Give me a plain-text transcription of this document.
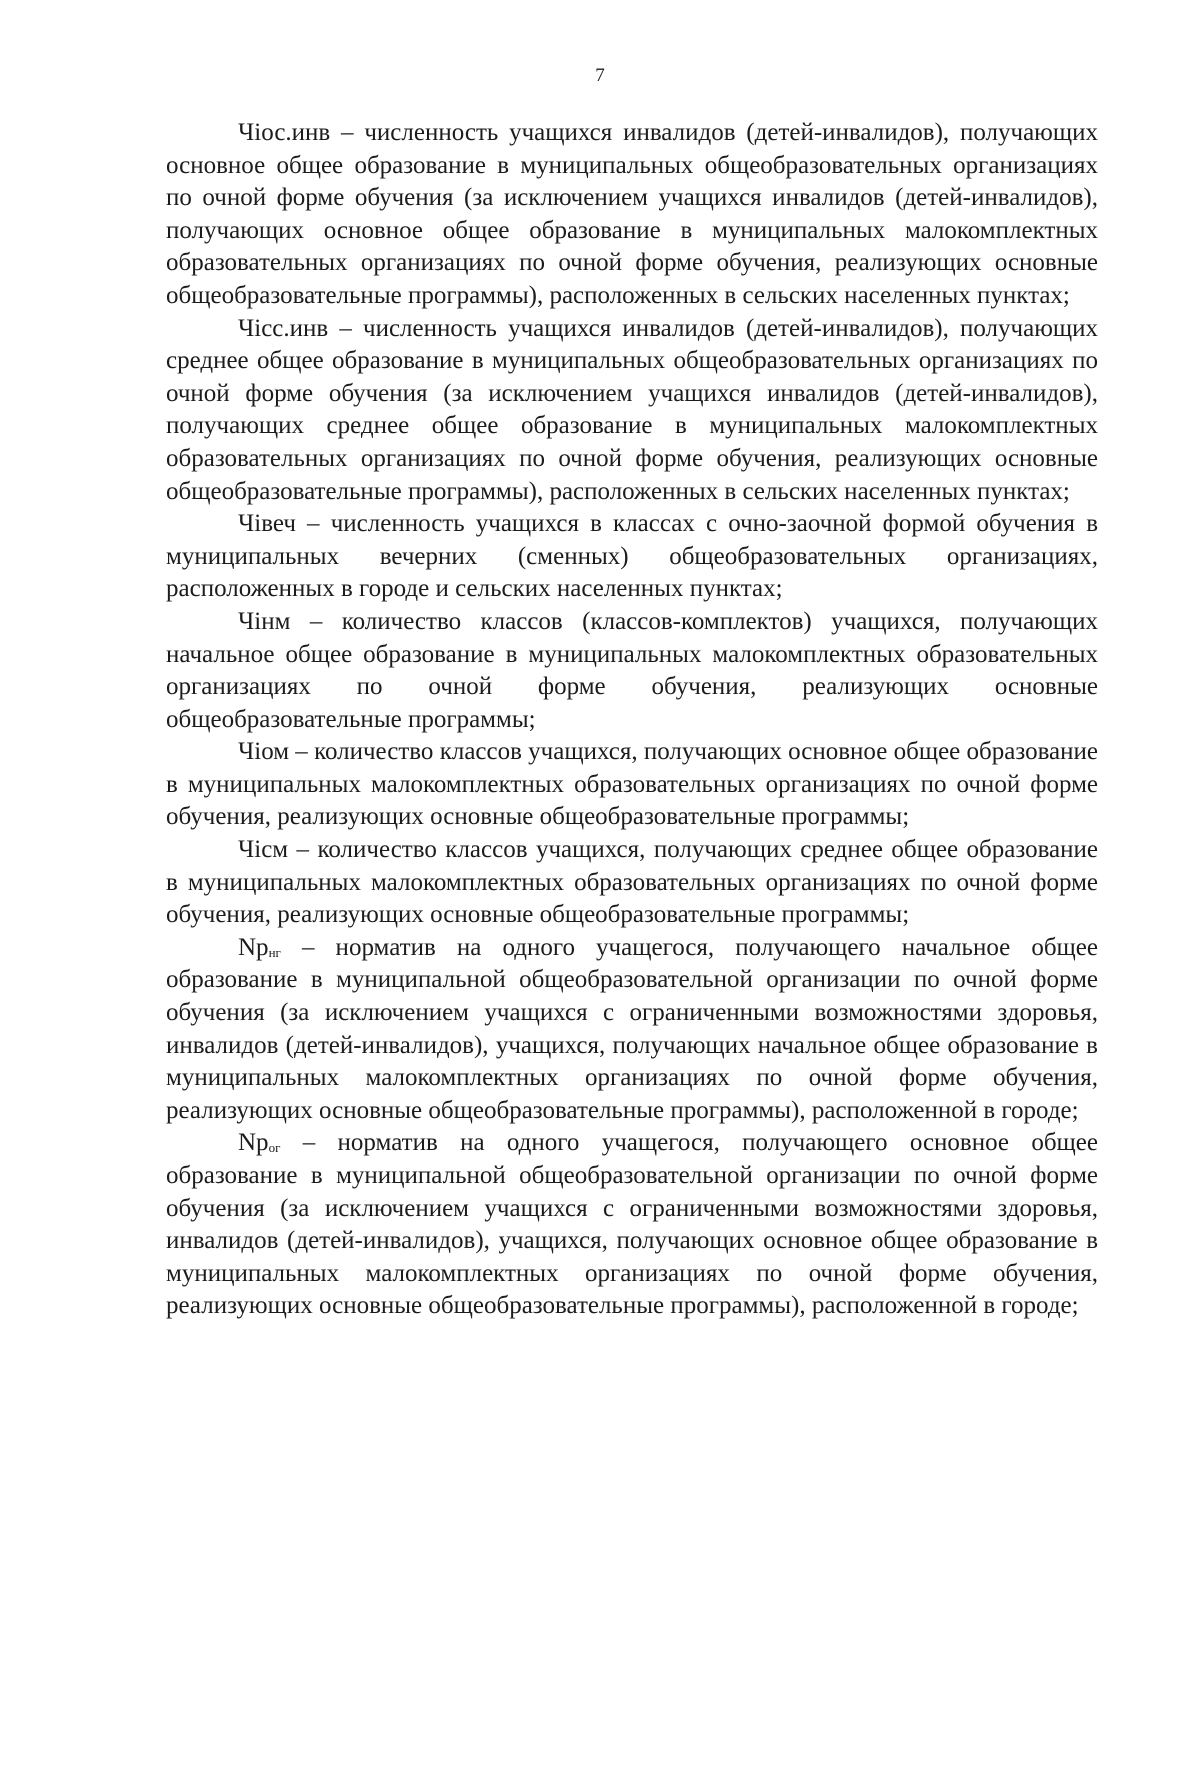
7

Чiос.инв – численность учащихся инвалидов (детей-инвалидов), получающих основное общее образование в муниципальных общеобразовательных организациях по очной форме обучения (за исключением учащихся инвалидов (детей-инвалидов), получающих основное общее образование в муниципальных малокомплектных образовательных организациях по очной форме обучения, реализующих основные общеобразовательные программы), расположенных в сельских населенных пунктах;

Чiсс.инв – численность учащихся инвалидов (детей-инвалидов), получающих среднее общее образование в муниципальных общеобразовательных организациях по очной форме обучения (за исключением учащихся инвалидов (детей-инвалидов), получающих среднее общее образование в муниципальных малокомплектных образовательных организациях по очной форме обучения, реализующих основные общеобразовательные программы), расположенных в сельских населенных пунктах;

Чiвеч – численность учащихся в классах с очно-заочной формой обучения в муниципальных вечерних (сменных) общеобразовательных организациях, расположенных в городе и сельских населенных пунктах;

Чiнм – количество классов (классов-комплектов) учащихся, получающих начальное общее образование в муниципальных малокомплектных образовательных организациях по очной форме обучения, реализующих основные общеобразовательные программы;

Чiом – количество классов учащихся, получающих основное общее образование в муниципальных малокомплектных образовательных организациях по очной форме обучения, реализующих основные общеобразовательные программы;

Чiсм – количество классов учащихся, получающих среднее общее образование в муниципальных малокомплектных образовательных организациях по очной форме обучения, реализующих основные общеобразовательные программы;

$Np_{нг}$ – норматив на одного учащегося, получающего начальное общее образование в муниципальной общеобразовательной организации по очной форме обучения (за исключением учащихся с ограниченными возможностями здоровья, инвалидов (детей-инвалидов), учащихся, получающих начальное общее образование в муниципальных малокомплектных организациях по очной форме обучения, реализующих основные общеобразовательные программы), расположенной в городе;

$Np_{ог}$ – норматив на одного учащегося, получающего основное общее образование в муниципальной общеобразовательной организации по очной форме обучения (за исключением учащихся с ограниченными возможностями здоровья, инвалидов (детей-инвалидов), учащихся, получающих основное общее образование в муниципальных малокомплектных организациях по очной форме обучения, реализующих основные общеобразовательные программы), расположенной в городе;
